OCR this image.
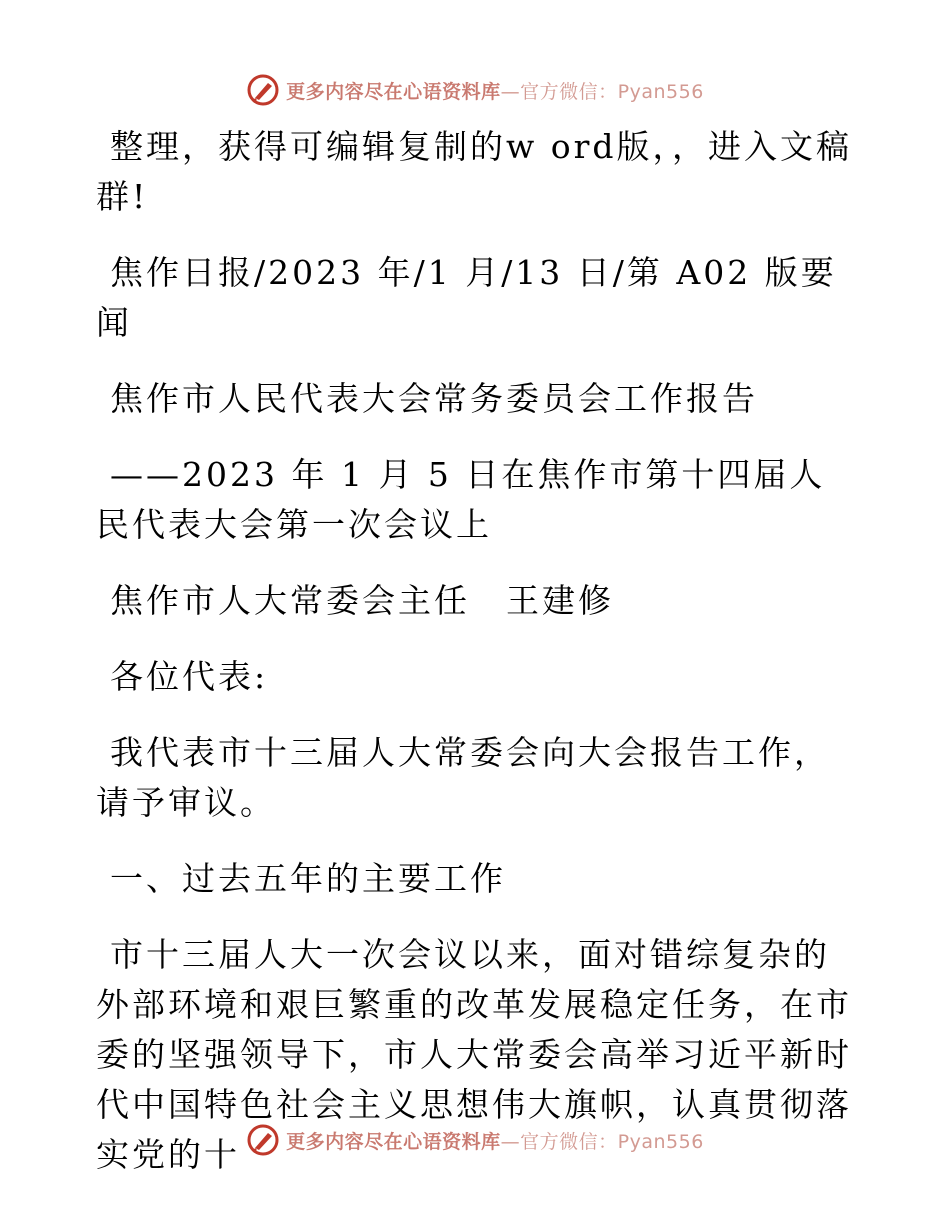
更多内容尽在心语资料库—官方微信：Pyan556

整理，获得可编辑复制的w ord版，，进入文稿群!

焦作日报/2023 年/1 月/13 日/第 A02 版要闻

焦作市人民代表大会常务委员会工作报告

——2023 年 1 月 5 日在焦作市第十四届人民代表大会第一次会议上

焦作市人大常委会主任　王建修

各位代表:

我代表市十三届人大常委会向大会报告工作，请予审议。

一、过去五年的主要工作

市十三届人大一次会议以来，面对错综复杂的外部环境和艰巨繁重的改革发展稳定任务，在市委的坚强领导下，市人大常委会高举习近平新时代中国特色社会主义思想伟大旗帜，认真贯彻落实党的十	更多内容尽在心语资料库—官方微信：Pyan556
